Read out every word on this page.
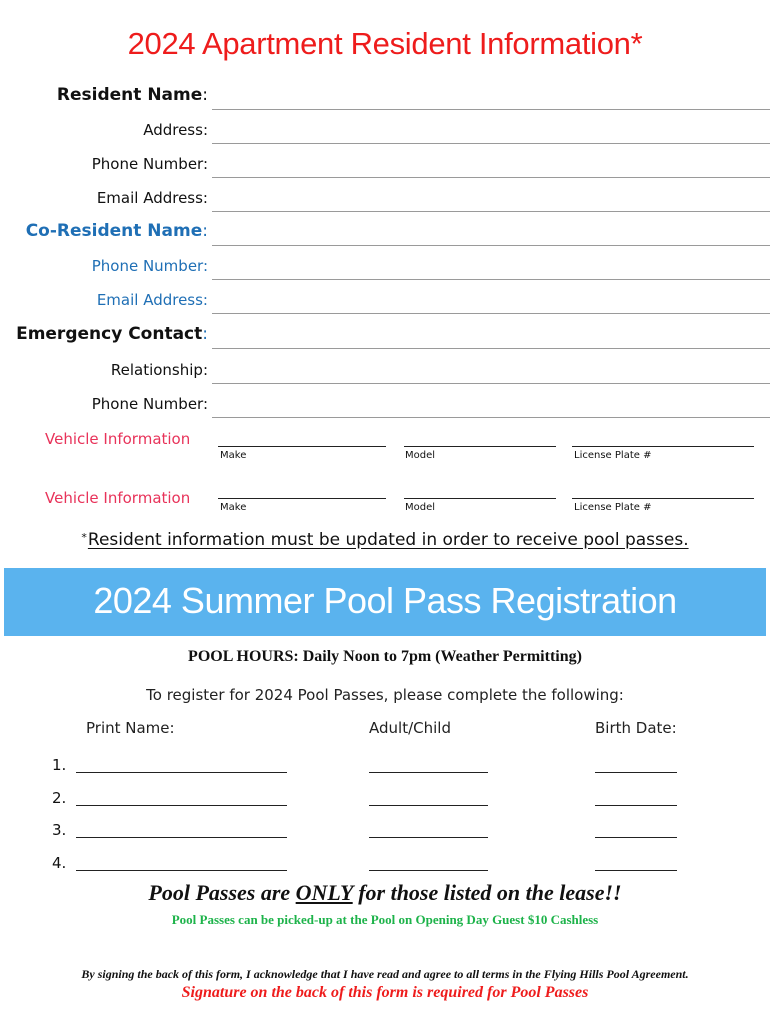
2024 Apartment Resident Information*
Resident Name:
Address:
Phone Number:
Email Address:
Co-Resident Name:
Phone Number:
Email Address:
Emergency Contact:
Relationship:
Phone Number:
Vehicle Information
Make	Model	License Plate #
Vehicle Information
Make	Model	License Plate #
*Resident information must be updated in order to receive pool passes.
2024 Summer Pool Pass Registration
POOL HOURS: Daily Noon to 7pm (Weather Permitting)
To register for 2024 Pool Passes, please complete the following:
Print Name:	Adult/Child	Birth Date:
1.
2.
3.
4.
Pool Passes are ONLY for those listed on the lease!!
Pool Passes can be picked-up at the Pool on Opening Day Guest $10 Cashless
By signing the back of this form, I acknowledge that I have read and agree to all terms in the Flying Hills Pool Agreement.
Signature on the back of this form is required for Pool Passes
